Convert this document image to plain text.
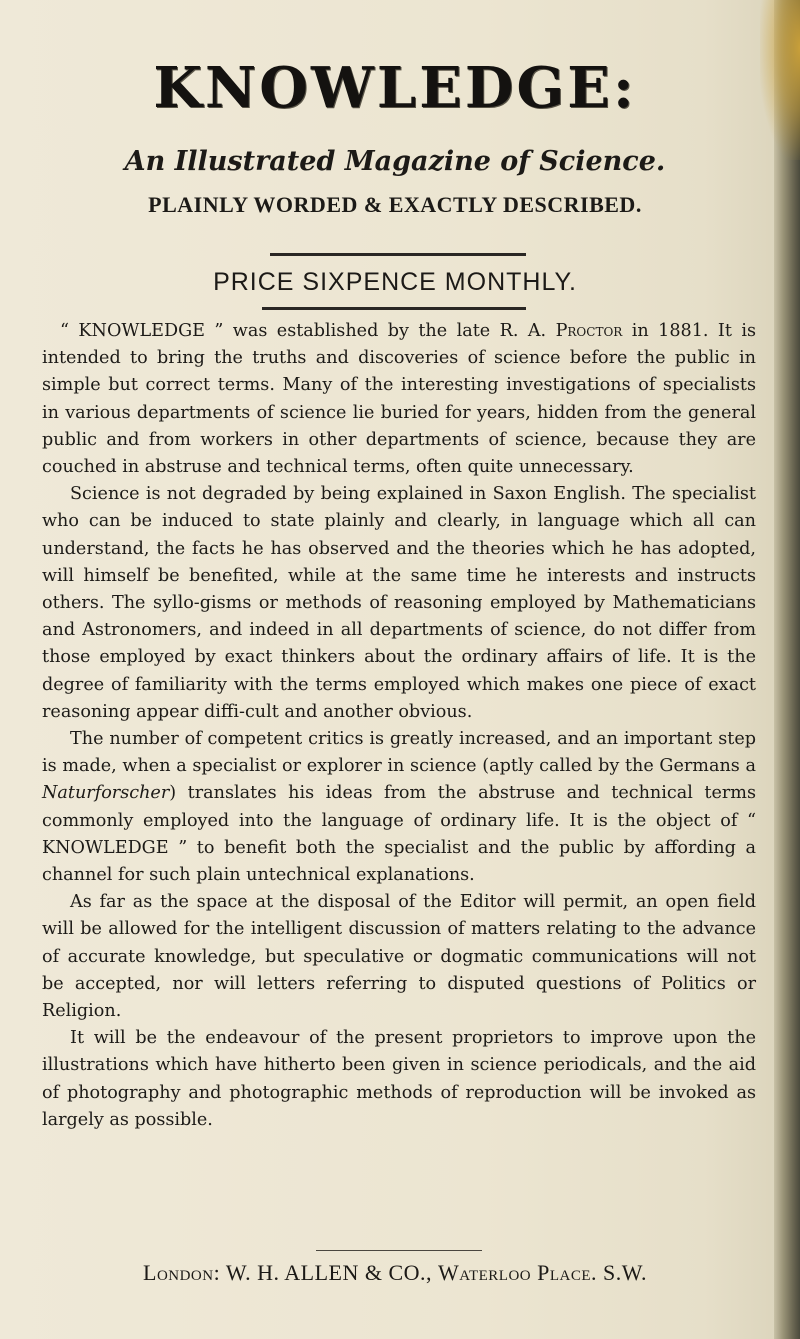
KNOWLEDGE:
An Illustrated Magazine of Science.
PLAINLY WORDED & EXACTLY DESCRIBED.
PRICE SIXPENCE MONTHLY.

“ KNOWLEDGE ” was established by the late R. A. Proctor in 1881. It is intended to bring the truths and discoveries of science before the public in simple but correct terms. Many of the interesting investigations of specialists in various departments of science lie buried for years, hidden from the general public and from workers in other departments of science, because they are couched in abstruse and technical terms, often quite unnecessary.

Science is not degraded by being explained in Saxon English. The specialist who can be induced to state plainly and clearly, in language which all can understand, the facts he has observed and the theories which he has adopted, will himself be benefited, while at the same time he interests and instructs others. The syllo-gisms or methods of reasoning employed by Mathematicians and Astronomers, and indeed in all departments of science, do not differ from those employed by exact thinkers about the ordinary affairs of life. It is the degree of familiarity with the terms employed which makes one piece of exact reasoning appear diffi-cult and another obvious.

The number of competent critics is greatly increased, and an important step is made, when a specialist or explorer in science (aptly called by the Germans a Naturforscher) translates his ideas from the abstruse and technical terms commonly employed into the language of ordinary life. It is the object of “ KNOWLEDGE ” to benefit both the specialist and the public by affording a channel for such plain untechnical explanations.

As far as the space at the disposal of the Editor will permit, an open field will be allowed for the intelligent discussion of matters relating to the advance of accurate knowledge, but speculative or dogmatic communications will not be accepted, nor will letters referring to disputed questions of Politics or Religion.

It will be the endeavour of the present proprietors to improve upon the illustrations which have hitherto been given in science periodicals, and the aid of photography and photographic methods of reproduction will be invoked as largely as possible.

London: W. H. ALLEN & CO., Waterloo Place. S.W.
